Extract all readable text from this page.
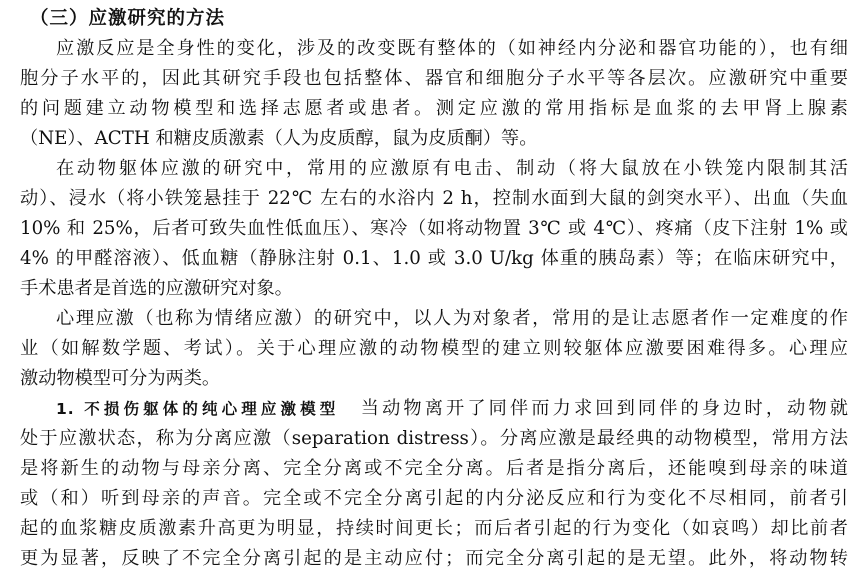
（三）应激研究的方法
应激反应是全身性的变化，涉及的改变既有整体的（如神经内分泌和器官功能的），也有细
胞分子水平的，因此其研究手段也包括整体、器官和细胞分子水平等各层次。应激研究中重要
的问题建立动物模型和选择志愿者或患者。测定应激的常用指标是血浆的去甲肾上腺素
（NE）、ACTH 和糖皮质激素（人为皮质醇，鼠为皮质酮）等。
在动物躯体应激的研究中，常用的应激原有电击、制动（将大鼠放在小铁笼内限制其活
动）、浸水（将小铁笼悬挂于 22℃ 左右的水浴内 2 h，控制水面到大鼠的剑突水平）、出血（失血
10% 和 25%，后者可致失血性低血压）、寒冷（如将动物置 3℃ 或 4℃）、疼痛（皮下注射 1% 或
4% 的甲醛溶液）、低血糖（静脉注射 0.1、1.0 或 3.0 U/kg 体重的胰岛素）等；在临床研究中，
手术患者是首选的应激研究对象。
心理应激（也称为情绪应激）的研究中，以人为对象者，常用的是让志愿者作一定难度的作
业（如解数学题、考试）。关于心理应激的动物模型的建立则较躯体应激要困难得多。心理应
激动物模型可分为两类。
1. 不损伤躯体的纯心理应激模型　 当动物离开了同伴而力求回到同伴的身边时，动物就
处于应激状态，称为分离应激（separation distress）。分离应激是最经典的动物模型，常用方法
是将新生的动物与母亲分离、完全分离或不完全分离。后者是指分离后，还能嗅到母亲的味道
或（和）听到母亲的声音。完全或不完全分离引起的内分泌反应和行为变化不尽相同，前者引
起的血浆糖皮质激素升高更为明显，持续时间更长；而后者引起的行为变化（如哀鸣）却比前者
更为显著，反映了不完全分离引起的是主动应付；而完全分离引起的是无望。此外，将动物转
